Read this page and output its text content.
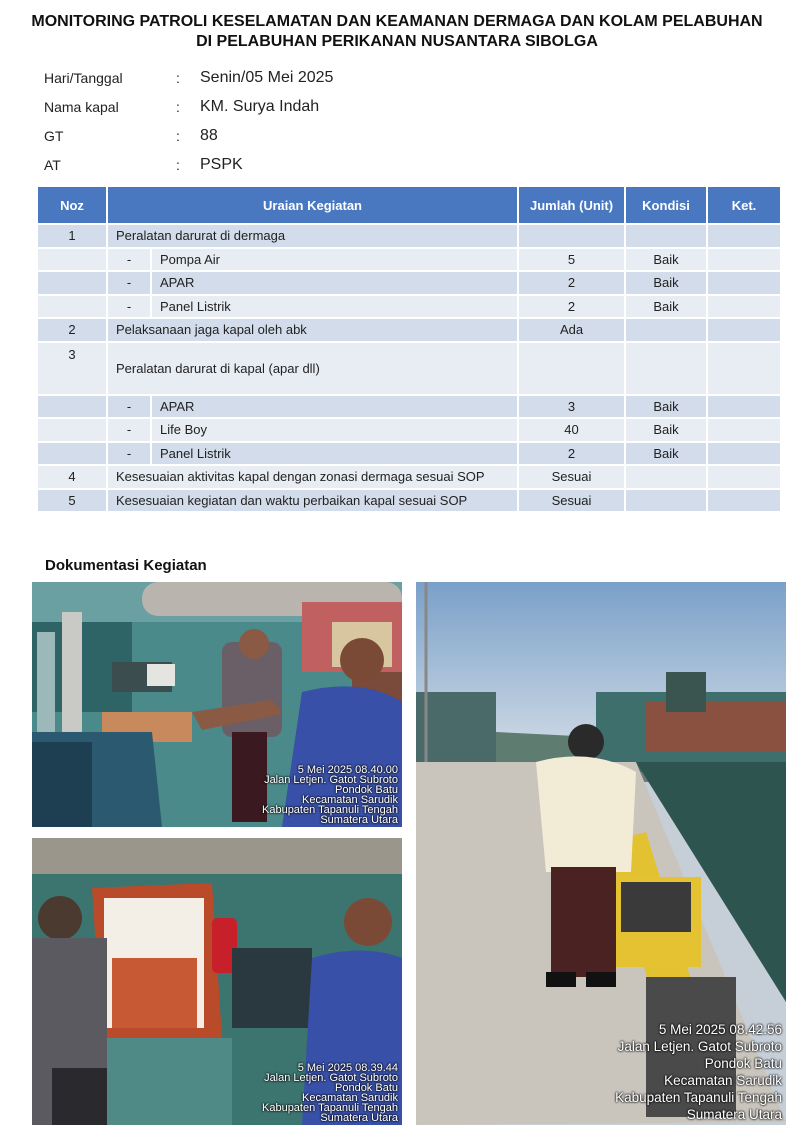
MONITORING PATROLI KESELAMATAN DAN KEAMANAN DERMAGA DAN KOLAM PELABUHAN
DI PELABUHAN PERIKANAN NUSANTARA SIBOLGA
Hari/Tanggal	: Senin/05 Mei 2025
Nama kapal	: KM. Surya Indah
GT	: 88
AT	: PSPK
Noz	Uraian Kegiatan		Jumlah (Unit)	Kondisi	Ket.
1	Peralatan darurat di dermaga				
	-	Pompa Air	5	Baik	
	-	APAR	2	Baik	
	-	Panel Listrik	2	Baik	
2	Pelaksanaan jaga kapal oleh abk		Ada		
3	Peralatan darurat di kapal (apar dll)				
	-	APAR	3	Baik	
	-	Life Boy	40	Baik	
	-	Panel Listrik	2	Baik	
4	Kesesuaian aktivitas kapal dengan zonasi dermaga sesuai SOP		Sesuai		
5	Kesesuaian kegiatan dan waktu perbaikan kapal sesuai SOP		Sesuai		
Dokumentasi Kegiatan
5 Mei 2025 08.40.00
Jalan Letjen. Gatot Subroto
Pondok Batu
Kecamatan Sarudik
Kabupaten Tapanuli Tengah
Sumatera Utara
5 Mei 2025 08.39.44
Jalan Letjen. Gatot Subroto
Pondok Batu
Kecamatan Sarudik
Kabupaten Tapanuli Tengah
Sumatera Utara
5 Mei 2025 08.42.56
Jalan Letjen. Gatot Subroto
Pondok Batu
Kecamatan Sarudik
Kabupaten Tapanuli Tengah
Sumatera Utara
